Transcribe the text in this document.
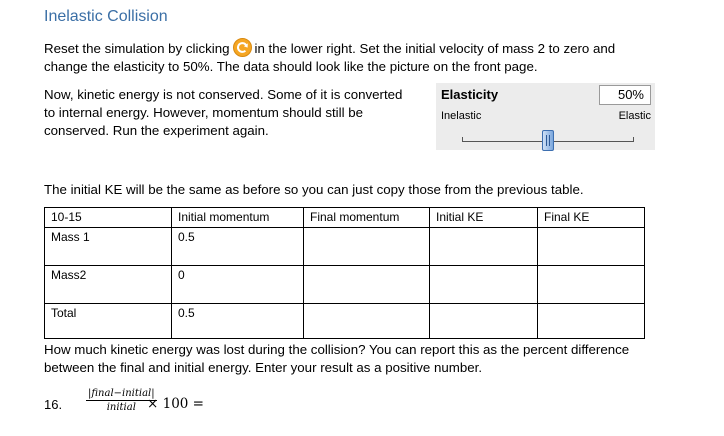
Inelastic Collision
Reset the simulation by clicking in the lower right. Set the initial velocity of mass 2 to zero and
change the elasticity to 50%. The data should look like the picture on the front page.
Now, kinetic energy is not conserved. Some of it is converted
to internal energy. However, momentum should still be
conserved. Run the experiment again.
Elasticity	50%
Inelastic	Elastic
The initial KE will be the same as before so you can just copy those from the previous table.
10-15	Initial momentum	Final momentum	Initial KE	Final KE
Mass 1	0.5			
Mass2	0			
Total	0.5			
How much kinetic energy was lost during the collision? You can report this as the percent difference
between the final and initial energy. Enter your result as a positive number.
16.
|final−initial|
initial × 100 =
